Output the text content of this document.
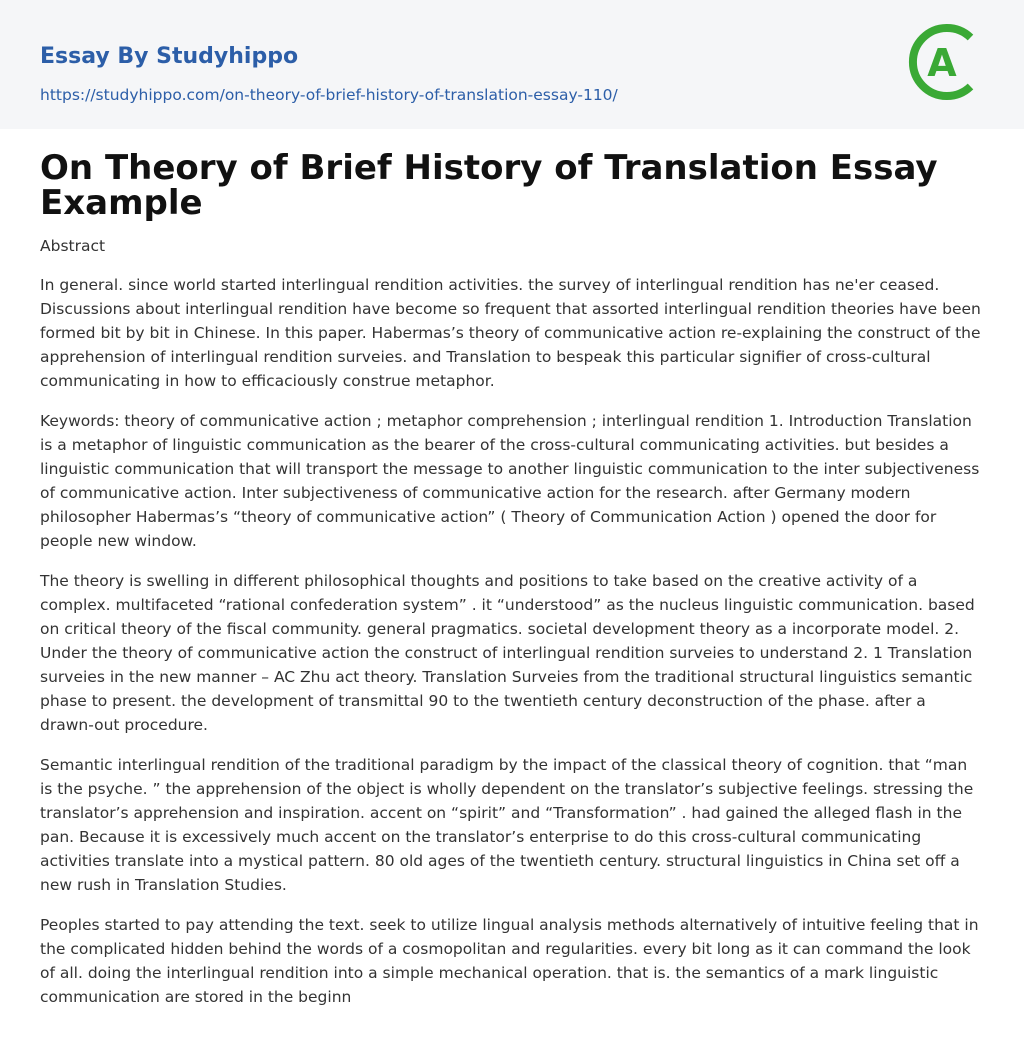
Essay By Studyhippo
https://studyhippo.com/on-theory-of-brief-history-of-translation-essay-110/
A
On Theory of Brief History of Translation Essay Example
Abstract

In general. since world started interlingual rendition activities. the survey of interlingual rendition has ne'er ceased. Discussions about interlingual rendition have become so frequent that assorted interlingual rendition theories have been formed bit by bit in Chinese. In this paper. Habermas’s theory of communicative action re-explaining the construct of the apprehension of interlingual rendition surveies. and Translation to bespeak this particular signifier of cross-cultural communicating in how to efficaciously construe metaphor.

Keywords: theory of communicative action ; metaphor comprehension ; interlingual rendition 1. Introduction Translation is a metaphor of linguistic communication as the bearer of the cross-cultural communicating activities. but besides a linguistic communication that will transport the message to another linguistic communication to the inter subjectiveness of communicative action. Inter subjectiveness of communicative action for the research. after Germany modern philosopher Habermas’s “theory of communicative action” ( Theory of Communication Action ) opened the door for people new window.

The theory is swelling in different philosophical thoughts and positions to take based on the creative activity of a complex. multifaceted “rational confederation system” . it “understood” as the nucleus linguistic communication. based on critical theory of the fiscal community. general pragmatics. societal development theory as a incorporate model. 2. Under the theory of communicative action the construct of interlingual rendition surveies to understand 2. 1 Translation surveies in the new manner – AC Zhu act theory. Translation Surveies from the traditional structural linguistics semantic phase to present. the development of transmittal 90 to the twentieth century deconstruction of the phase. after a drawn-out procedure.

Semantic interlingual rendition of the traditional paradigm by the impact of the classical theory of cognition. that “man is the psyche. ” the apprehension of the object is wholly dependent on the translator’s subjective feelings. stressing the translator’s apprehension and inspiration. accent on “spirit” and “Transformation” . had gained the alleged flash in the pan. Because it is excessively much accent on the translator’s enterprise to do this cross-cultural communicating activities translate into a mystical pattern. 80 old ages of the twentieth century. structural linguistics in China set off a new rush in Translation Studies.

Peoples started to pay attending the text. seek to utilize lingual analysis methods alternatively of intuitive feeling that in the complicated hidden behind the words of a cosmopolitan and regularities. every bit long as it can command the look of all. doing the interlingual rendition into a simple mechanical operation. that is. the semantics of a mark linguistic communication are stored in the beginn
